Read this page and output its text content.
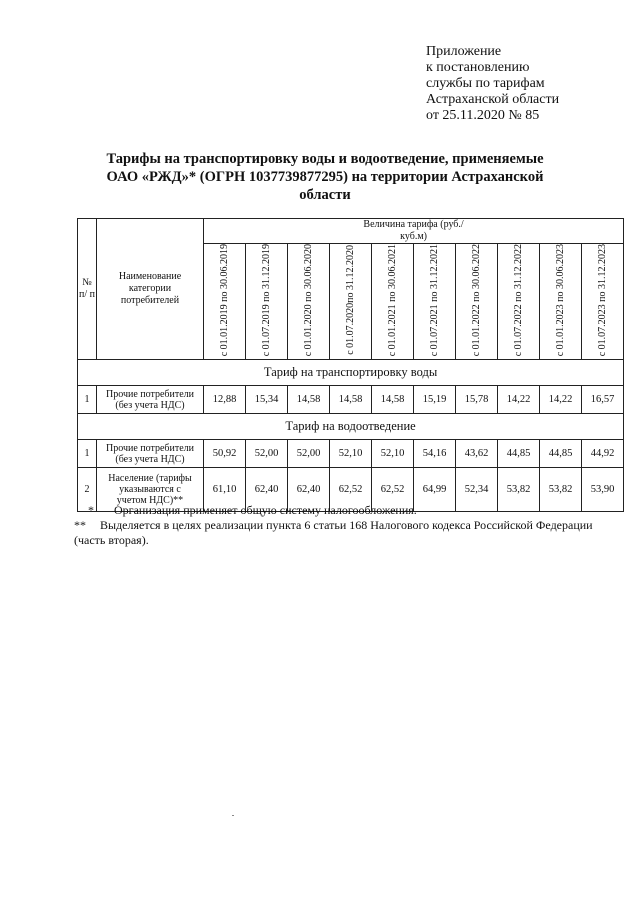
Приложение
к постановлению
службы по тарифам
Астраханской области
от 25.11.2020 № 85
Тарифы на транспортировку воды и водоотведение, применяемые
ОАО «РЖД»* (ОГРН 1037739877295) на территории Астраханской
области
№ п/ п	Наименование категории потребителей	Величина тарифа (руб./куб.м)									
		с 01.01.2019 по 30.06.2019	с 01.07.2019 по 31.12.2019	с 01.01.2020 по 30.06.2020	с 01.07.2020по 31.12.2020	с 01.01.2021 по 30.06.2021	с 01.07.2021 по 31.12.2021	с 01.01.2022 по 30.06.2022	с 01.07.2022 по 31.12.2022	с 01.01.2023 по 30.06.2023	с 01.07.2023 по 31.12.2023
Тариф на транспортировку воды											
1	Прочие потребители (без учета НДС)	12,88	15,34	14,58	14,58	14,58	15,19	15,78	14,22	14,22	16,57
Тариф на водоотведение											
1	Прочие потребители (без учета НДС)	50,92	52,00	52,00	52,10	52,10	54,16	43,62	44,85	44,85	44,92
2	Население (тарифы указываются с учетом НДС)**	61,10	62,40	62,40	62,52	62,52	64,99	52,34	53,82	53,82	53,90
* Организация применяет общую систему налогообложения.
** Выделяется в целях реализации пункта 6 статьи 168 Налогового кодекса Российской Федерации (часть вторая).
